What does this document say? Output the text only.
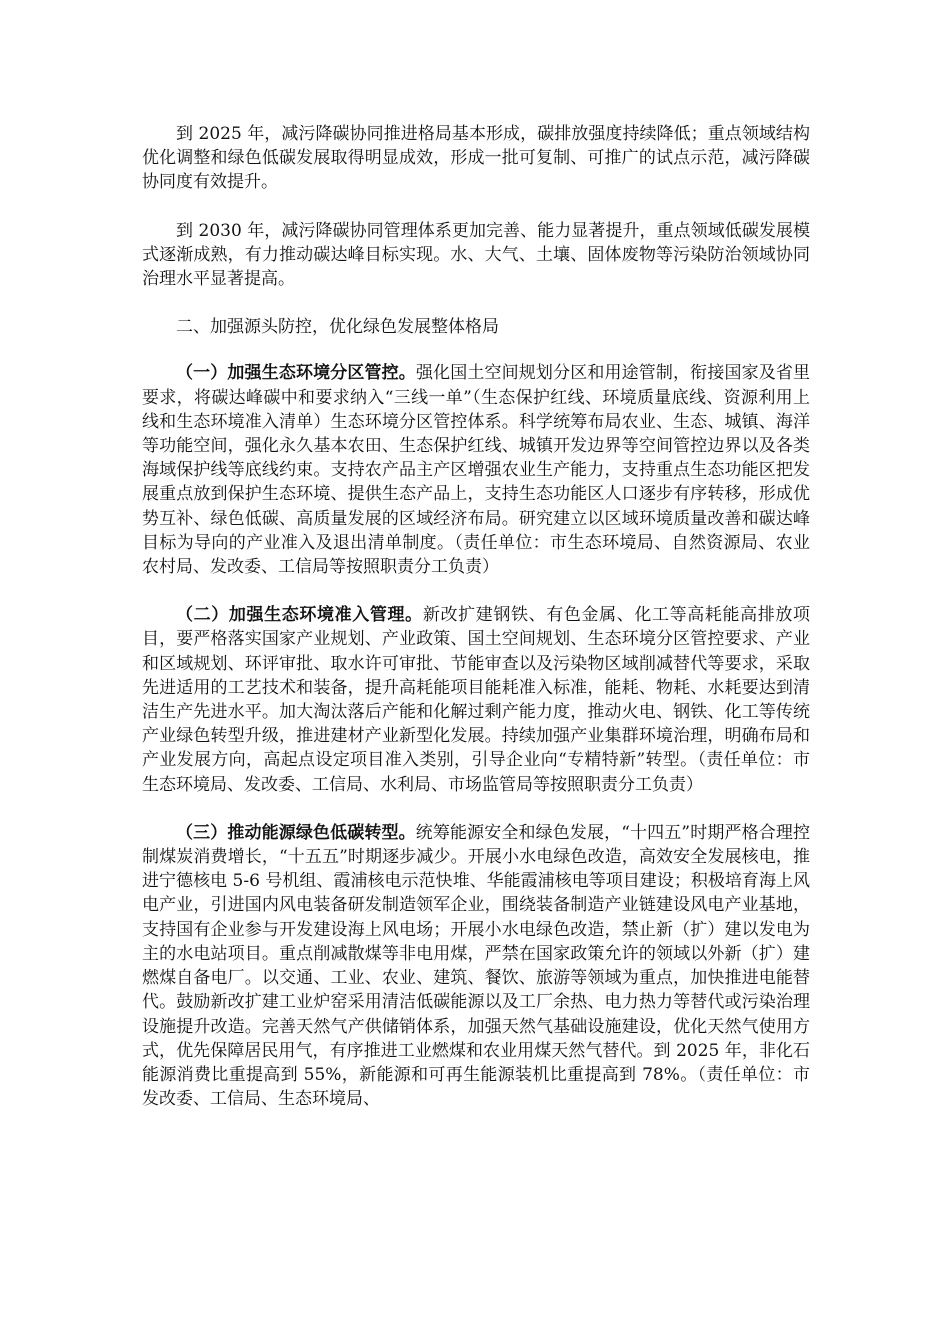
到 2025 年，减污降碳协同推进格局基本形成，碳排放强度持续降低；重点领域结构优化调整和绿色低碳发展取得明显成效，形成一批可复制、可推广的试点示范，减污降碳协同度有效提升。

到 2030 年，减污降碳协同管理体系更加完善、能力显著提升，重点领域低碳发展模式逐渐成熟，有力推动碳达峰目标实现。水、大气、土壤、固体废物等污染防治领域协同治理水平显著提高。

二、加强源头防控，优化绿色发展整体格局

（一）加强生态环境分区管控。强化国土空间规划分区和用途管制，衔接国家及省里要求，将碳达峰碳中和要求纳入“三线一单”（生态保护红线、环境质量底线、资源利用上线和生态环境准入清单）生态环境分区管控体系。科学统筹布局农业、生态、城镇、海洋等功能空间，强化永久基本农田、生态保护红线、城镇开发边界等空间管控边界以及各类海域保护线等底线约束。支持农产品主产区增强农业生产能力，支持重点生态功能区把发展重点放到保护生态环境、提供生态产品上，支持生态功能区人口逐步有序转移，形成优势互补、绿色低碳、高质量发展的区域经济布局。研究建立以区域环境质量改善和碳达峰目标为导向的产业准入及退出清单制度。（责任单位：市生态环境局、自然资源局、农业农村局、发改委、工信局等按照职责分工负责）

（二）加强生态环境准入管理。新改扩建钢铁、有色金属、化工等高耗能高排放项目，要严格落实国家产业规划、产业政策、国土空间规划、生态环境分区管控要求、产业和区域规划、环评审批、取水许可审批、节能审查以及污染物区域削减替代等要求，采取先进适用的工艺技术和装备，提升高耗能项目能耗准入标准，能耗、物耗、水耗要达到清洁生产先进水平。加大淘汰落后产能和化解过剩产能力度，推动火电、钢铁、化工等传统产业绿色转型升级，推进建材产业新型化发展。持续加强产业集群环境治理，明确布局和产业发展方向，高起点设定项目准入类别，引导企业向“专精特新”转型。（责任单位：市生态环境局、发改委、工信局、水利局、市场监管局等按照职责分工负责）

（三）推动能源绿色低碳转型。统筹能源安全和绿色发展，“十四五”时期严格合理控制煤炭消费增长，“十五五”时期逐步减少。开展小水电绿色改造，高效安全发展核电，推进宁德核电 5-6 号机组、霞浦核电示范快堆、华能霞浦核电等项目建设；积极培育海上风电产业，引进国内风电装备研发制造领军企业，围绕装备制造产业链建设风电产业基地，支持国有企业参与开发建设海上风电场；开展小水电绿色改造，禁止新（扩）建以发电为主的水电站项目。重点削减散煤等非电用煤，严禁在国家政策允许的领域以外新（扩）建燃煤自备电厂。以交通、工业、农业、建筑、餐饮、旅游等领域为重点，加快推进电能替代。鼓励新改扩建工业炉窑采用清洁低碳能源以及工厂余热、电力热力等替代或污染治理设施提升改造。完善天然气产供储销体系，加强天然气基础设施建设，优化天然气使用方式，优先保障居民用气，有序推进工业燃煤和农业用煤天然气替代。到 2025 年，非化石能源消费比重提高到 55%，新能源和可再生能源装机比重提高到 78%。（责任单位：市发改委、工信局、生态环境局、
